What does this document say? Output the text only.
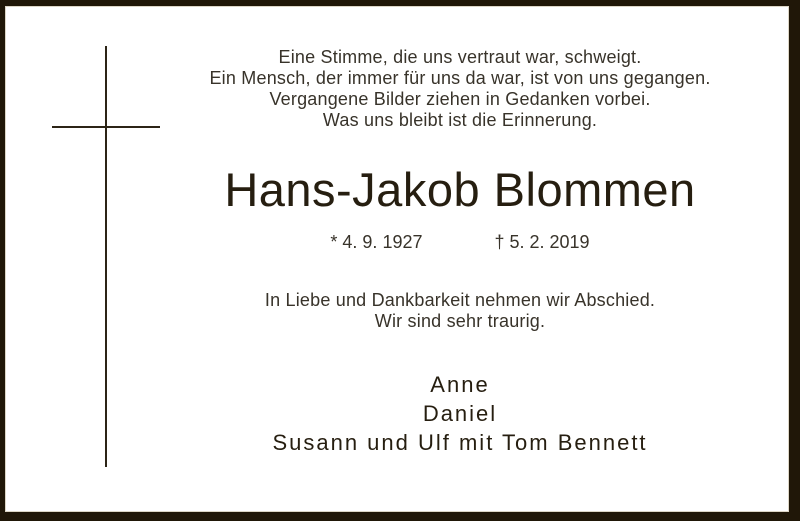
Eine Stimme, die uns vertraut war, schweigt.
Ein Mensch, der immer für uns da war, ist von uns gegangen.
Vergangene Bilder ziehen in Gedanken vorbei.
Was uns bleibt ist die Erinnerung.
Hans-Jakob Blommen
* 4. 9. 1927	† 5. 2. 2019
In Liebe und Dankbarkeit nehmen wir Abschied.
Wir sind sehr traurig.
Anne
Daniel
Susann und Ulf mit Tom Bennett
